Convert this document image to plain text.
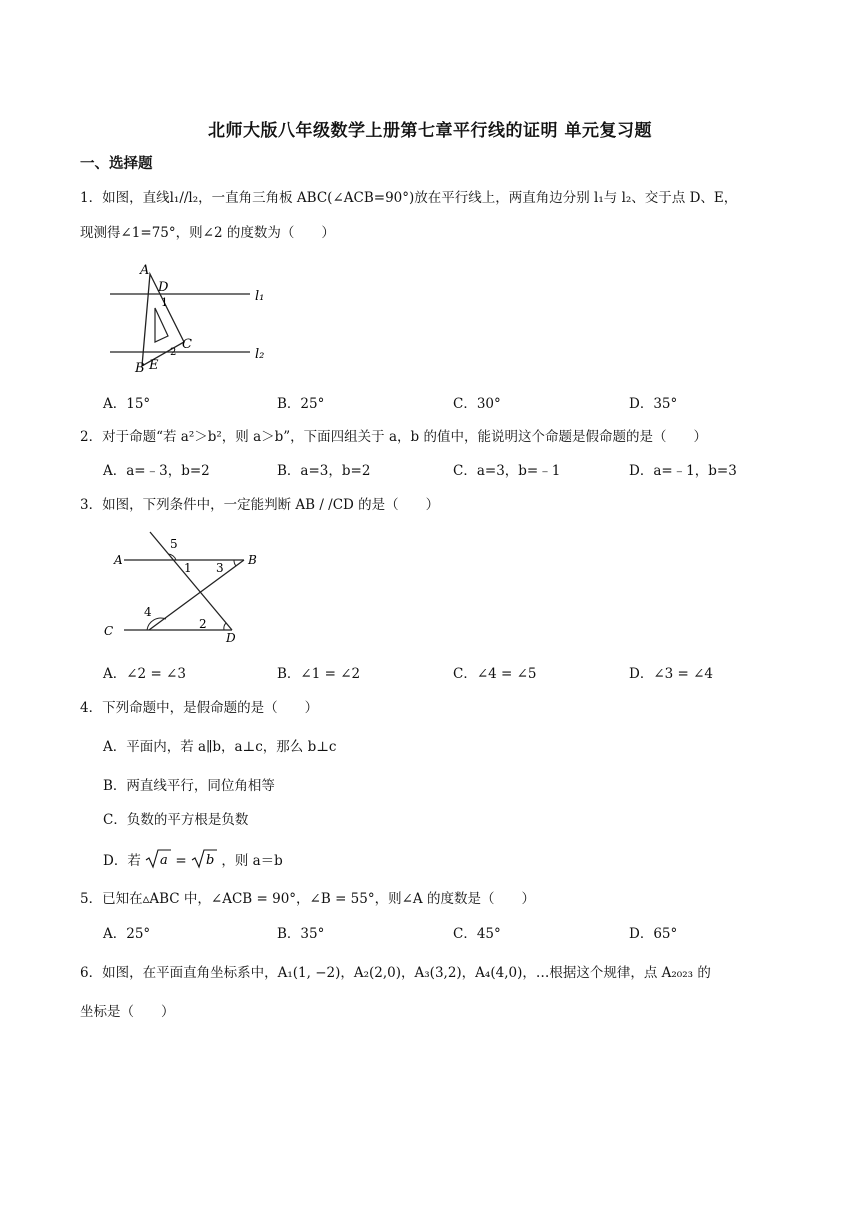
北师大版八年级数学上册第七章平行线的证明 单元复习题
一、选择题
1．如图，直线l₁//l₂，一直角三角板 ABC(∠ACB=90°)放在平行线上，两直角边分别 l₁与 l₂、交于点 D、E，
现测得∠1=75°，则∠2 的度数为（　　）
A
D
1	l₁
C
2
B E
l₂
A．15°	B．25°	C．30°	D．35°
2．对于命题“若 a²＞b²，则 a＞b”，下面四组关于 a，b 的值中，能说明这个命题是假命题的是（　　）
A．a=﹣3，b=2	B．a=3，b=2	C．a=3，b=﹣1	D．a=﹣1，b=3
3．如图，下列条件中，一定能判断 AB / /CD 的是（　　）
A	B
C	D
1
2
3
4
5
A．∠2 = ∠3	B．∠1 = ∠2	C．∠4 = ∠5	D．∠3 = ∠4
4．下列命题中，是假命题的是（　　）
A．平面内，若 a∥b，a⊥c，那么 b⊥c
B．两直线平行，同位角相等
C．负数的平方根是负数
D．若 a = b ，则 a＝b
5．已知在▵ABC 中，∠ACB = 90°，∠B = 55°，则∠A 的度数是（　　）
A．25°	B．35°	C．45°	D．65°
6．如图，在平面直角坐标系中，A₁(1, −2)，A₂(2,0)，A₃(3,2)，A₄(4,0)，…根据这个规律，点 A₂₀₂₃ 的
坐标是（　　）
